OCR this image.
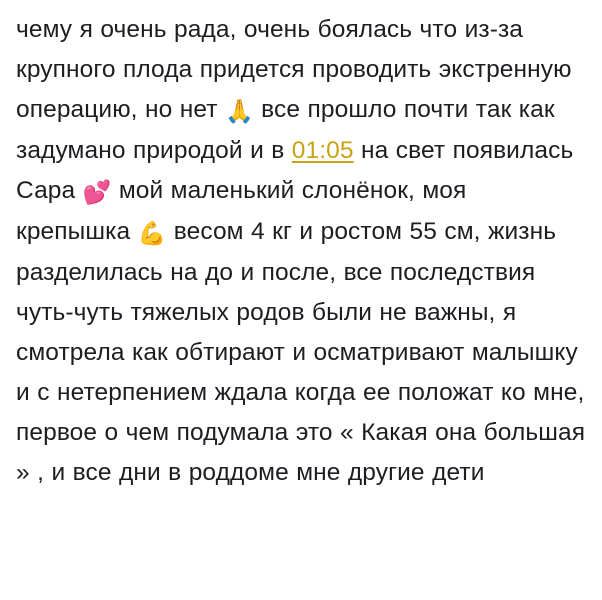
чему я очень рада, очень боялась что из-за крупного плода придется проводить экстренную операцию, но нет 🙏 все прошло почти так как задумано природой и в 01:05 на свет появилась Сара 💕 мой маленький слонёнок, моя крепышка 💪 весом 4 кг и ростом 55 см, жизнь разделилась на до и после, все последствия чуть-чуть тяжелых родов были не важны, я смотрела как обтирают и осматривают малышку и с нетерпением ждала когда ее положат ко мне, первое о чем подумала это « Какая она большая » , и все дни в роддоме мне другие дети
